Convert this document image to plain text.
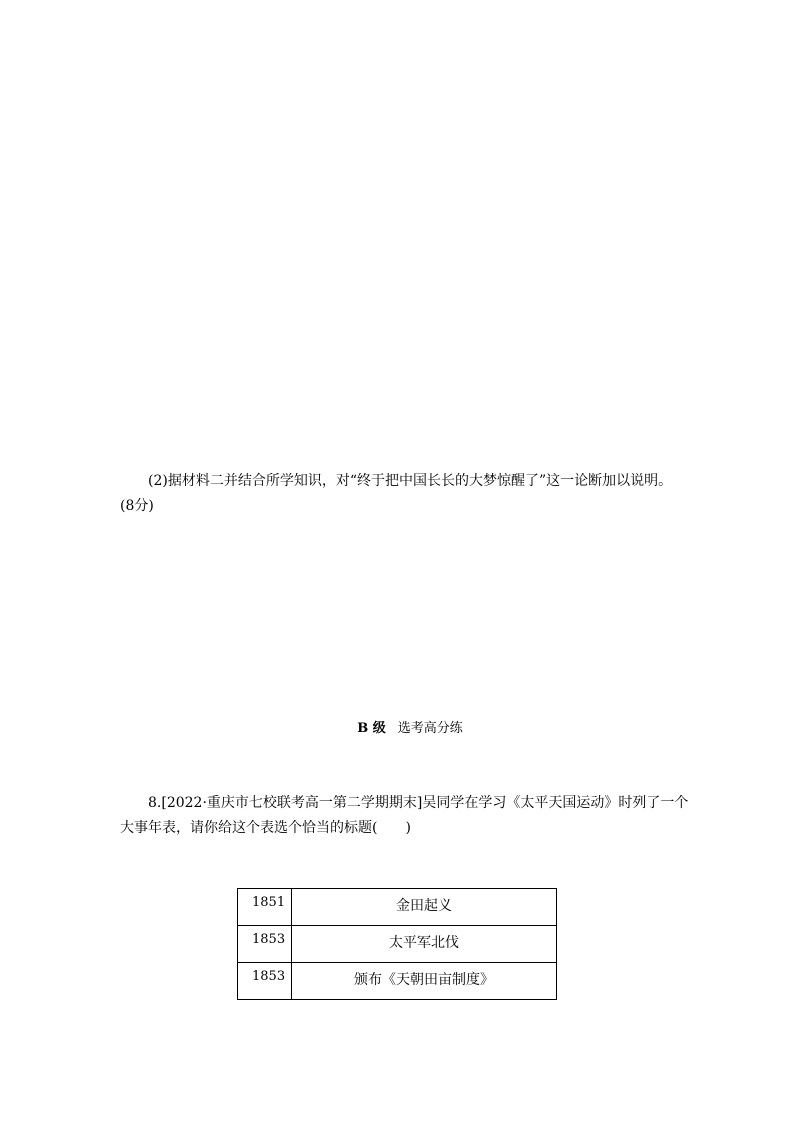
(2)据材料二并结合所学知识，对“终于把中国长长的大梦惊醒了”这一论断加以说明。
(8分)
B 级 选考高分练
8.[2022·重庆市七校联考高一第二学期期末]吴同学在学习《太平天国运动》时列了一个
大事年表，请你给这个表选个恰当的标题(　　)
1851	金田起义
1853	太平军北伐
1853	颁布《天朝田亩制度》
